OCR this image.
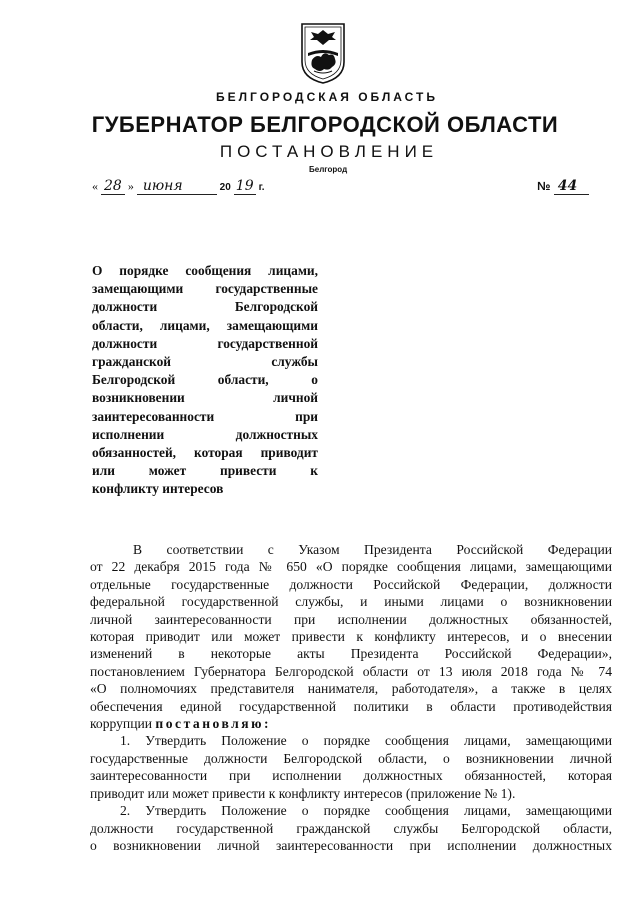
БЕЛГОРОДСКАЯ ОБЛАСТЬ
ГУБЕРНАТОР БЕЛГОРОДСКОЙ ОБЛАСТИ
ПОСТАНОВЛЕНИЕ
Белгород
« 28 » июня	20 19 г.	№ 44
О порядке сообщения лицами,
замещающими государственные
должности Белгородской
области, лицами, замещающими
должности государственной
гражданской службы
Белгородской области, о
возникновении личной
заинтересованности при
исполнении должностных
обязанностей, которая приводит
или может привести к
конфликту интересов

В соответствии с Указом Президента Российской Федерации
от 22 декабря 2015 года № 650 «О порядке сообщения лицами, замещающими
отдельные государственные должности Российской Федерации, должности
федеральной государственной службы, и иными лицами о возникновении
личной заинтересованности при исполнении должностных обязанностей,
которая приводит или может привести к конфликту интересов, и о внесении
изменений в некоторые акты Президента Российской Федерации»,
постановлением Губернатора Белгородской области от 13 июля 2018 года № 74
«О полномочиях представителя нанимателя, работодателя», а также в целях
обеспечения единой государственной политики в области противодействия
коррупции постановляю:

1. Утвердить Положение о порядке сообщения лицами, замещающими
государственные должности Белгородской области, о возникновении личной
заинтересованности при исполнении должностных обязанностей, которая
приводит или может привести к конфликту интересов (приложение № 1).

2. Утвердить Положение о порядке сообщения лицами, замещающими
должности государственной гражданской службы Белгородской области,
о возникновении личной заинтересованности при исполнении должностных
